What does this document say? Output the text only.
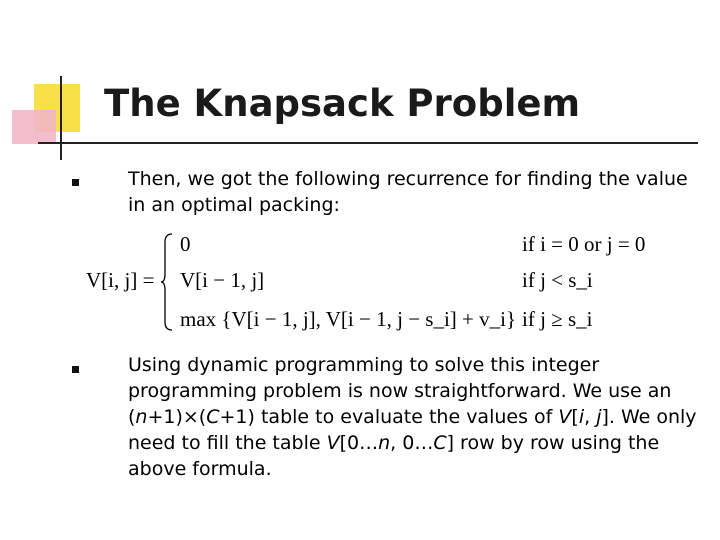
The Knapsack Problem
Then, we got the following recurrence for finding the value in an optimal packing:
V[i, j] =
0	if i = 0 or j = 0
V[i − 1, j]	if j < s_i
max {V[i − 1, j], V[i − 1, j − s_i] + v_i} if j ≥ s_i
Using dynamic programming to solve this integer programming problem is now straightforward. We use an (n+1)×(C+1) table to evaluate the values of V[i, j]. We only need to fill the table V[0…n, 0…C] row by row using the above formula.
